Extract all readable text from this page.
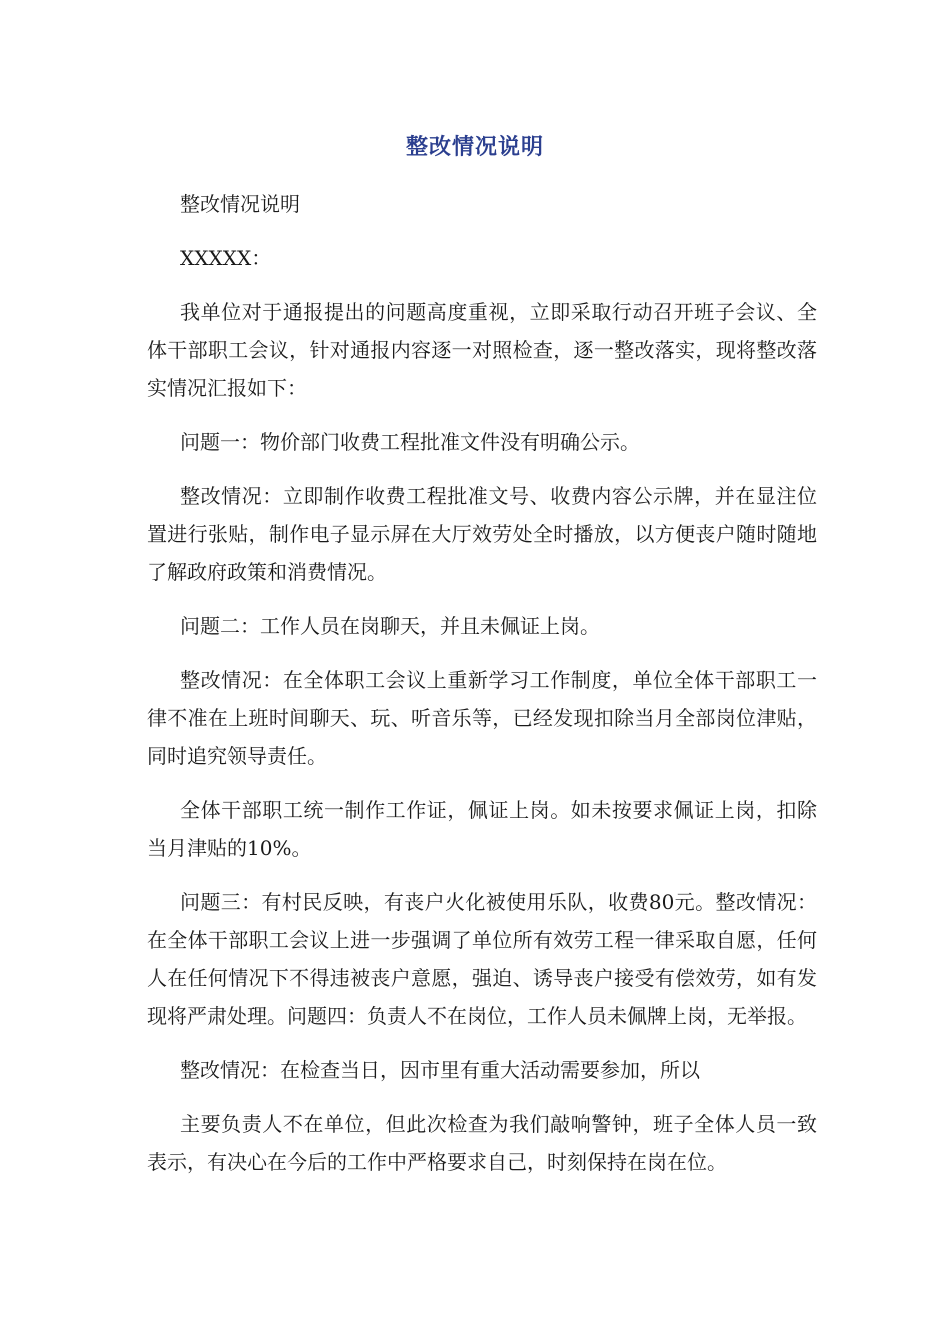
整改情况说明

整改情况说明

XXXXX：

我单位对于通报提出的问题高度重视，立即采取行动召开班子会议、全体干部职工会议，针对通报内容逐一对照检查，逐一整改落实，现将整改落实情况汇报如下：

问题一：物价部门收费工程批准文件没有明确公示。

整改情况：立即制作收费工程批准文号、收费内容公示牌，并在显注位置进行张贴，制作电子显示屏在大厅效劳处全时播放，以方便丧户随时随地了解政府政策和消费情况。

问题二：工作人员在岗聊天，并且未佩证上岗。

整改情况：在全体职工会议上重新学习工作制度，单位全体干部职工一律不准在上班时间聊天、玩、听音乐等，已经发现扣除当月全部岗位津贴，同时追究领导责任。

全体干部职工统一制作工作证，佩证上岗。如未按要求佩证上岗，扣除当月津贴的10%。

问题三：有村民反映，有丧户火化被使用乐队，收费80元。整改情况：在全体干部职工会议上进一步强调了单位所有效劳工程一律采取自愿，任何人在任何情况下不得违被丧户意愿，强迫、诱导丧户接受有偿效劳，如有发现将严肃处理。问题四：负责人不在岗位，工作人员未佩牌上岗，无举报。

整改情况：在检查当日，因市里有重大活动需要参加，所以

主要负责人不在单位，但此次检查为我们敲响警钟，班子全体人员一致表示，有决心在今后的工作中严格要求自己，时刻保持在岗在位。
